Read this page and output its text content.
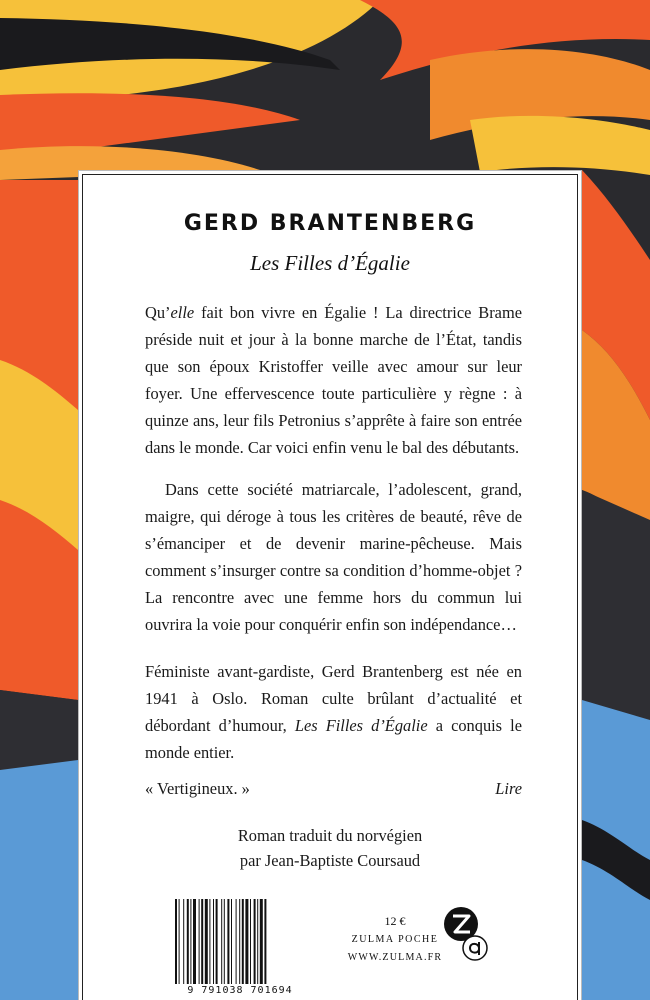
GERD BRANTENBERG
Les Filles d’Égalie

Qu’elle fait bon vivre en Égalie ! La directrice Brame préside nuit et jour à la bonne marche de l’État, tandis que son époux Kristoffer veille avec amour sur leur foyer. Une effervescence toute particulière y règne : à quinze ans, leur fils Petronius s’apprête à faire son entrée dans le monde. Car voici enfin venu le bal des débutants.

Dans cette société matriarcale, l’adolescent, grand, maigre, qui déroge à tous les critères de beauté, rêve de s’émanciper et de devenir marine-pêcheuse. Mais comment s’insurger contre sa condition d’homme-objet ? La rencontre avec une femme hors du commun lui ouvrira la voie pour conquérir enfin son indépendance…

Féministe avant-gardiste, Gerd Brantenberg est née en 1941 à Oslo. Roman culte brûlant d’actualité et débordant d’humour, Les Filles d’Égalie a conquis le monde entier.

« Vertigineux. »	Lire
Roman traduit du norvégien
par Jean-Baptiste Coursaud
9 791038 701694
12 €
ZULMA POCHE
WWW.ZULMA.FR
